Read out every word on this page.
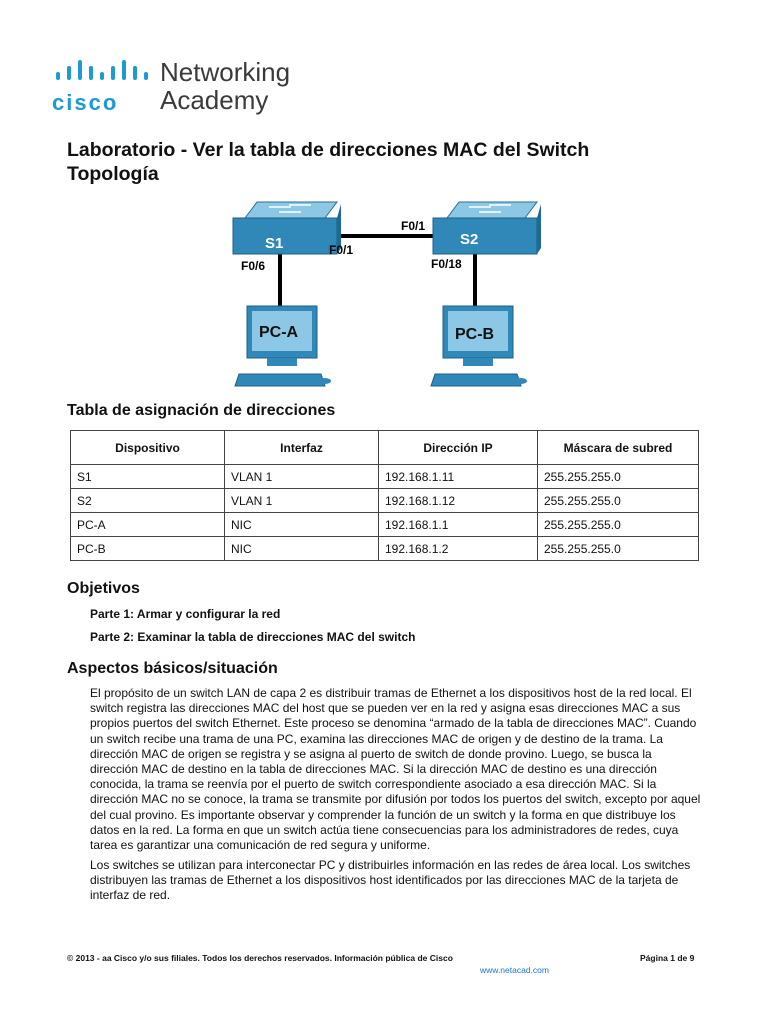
cisco
Networking
Academy
Laboratorio - Ver la tabla de direcciones MAC del Switch
Topología
S1	S2
F0/6
F0/1
F0/1
F0/18
PC-A	PC-B
Tabla de asignación de direcciones
Dispositivo	Interfaz	Dirección IP	Máscara de subred
S1	VLAN 1	192.168.1.11	255.255.255.0
S2	VLAN 1	192.168.1.12	255.255.255.0
PC-A	NIC	192.168.1.1	255.255.255.0
PC-B	NIC	192.168.1.2	255.255.255.0
Objetivos
Parte 1: Armar y configurar la red
Parte 2: Examinar la tabla de direcciones MAC del switch
Aspectos básicos/situación

El propósito de un switch LAN de capa 2 es distribuir tramas de Ethernet a los dispositivos host de la red local. El switch registra las direcciones MAC del host que se pueden ver en la red y asigna esas direcciones MAC a sus propios puertos del switch Ethernet. Este proceso se denomina “armado de la tabla de direcciones MAC”. Cuando un switch recibe una trama de una PC, examina las direcciones MAC de origen y de destino de la trama. La dirección MAC de origen se registra y se asigna al puerto de switch de donde provino. Luego, se busca la dirección MAC de destino en la tabla de direcciones MAC. Si la dirección MAC de destino es una dirección conocida, la trama se reenvía por el puerto de switch correspondiente asociado a esa dirección MAC. Si la dirección MAC no se conoce, la trama se transmite por difusión por todos los puertos del switch, excepto por aquel del cual provino. Es importante observar y comprender la función de un switch y la forma en que distribuye los datos en la red. La forma en que un switch actúa tiene consecuencias para los administradores de redes, cuya tarea es garantizar una comunicación de red segura y uniforme.

Los switches se utilizan para interconectar PC y distribuirles información en las redes de área local. Los switches distribuyen las tramas de Ethernet a los dispositivos host identificados por las direcciones MAC de la tarjeta de interfaz de red.

© 2013 - aa Cisco y/o sus filiales. Todos los derechos reservados. Información pública de Cisco	Página 1 de 9
www.netacad.com
